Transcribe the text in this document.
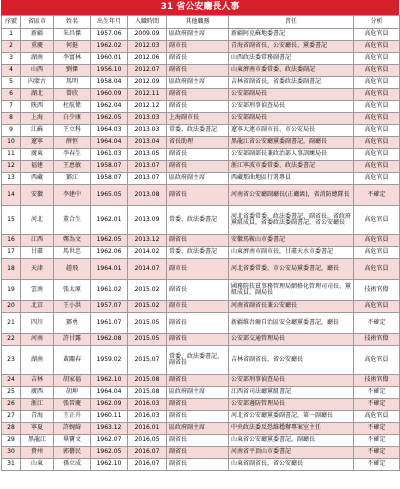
31 省公安廳長人事
序號	省區市	姓名	出生年月	入職時間	其他職務	昔任	分析
1	新疆	朱昌傑	1957.06	2009.09	區政府副主席	新疆阿克蘇地委書記	高危官員
2	重慶	何挺	1962.02	2012.03	副市長	青海省副省長、公安廳長、黨委書記	高危官員
3	湖南	李富林	1960.01	2012.06	副省長	山西政法委常務副書記	高危官員
4	山西	劉傑	1956.10	2012.07	副省長	山東濟南市委常委、政法委副記	高危官員
5	內蒙古	馬明	1958.04	2012.09	區政府副主席	吉林省副省長，省委政法委副書記	高危官員
6	湖北	曾欣	1960.09	2012.11	副省長	公安部副局長	高危官員
7	陝西	杜航偉	1962.04	2012.12	副省長	公安部刑事偵查局長	高危官員
8	上海	白少康	1962.05	2013.03	上海副市長	公安部副局長	高危官員
9	江蘇	王立科	1964.03	2013.03	常委、政法委書記	遼寧大連市副市長、市公安局長	高危官員
10	遼寧	薛恒	1964.04	2013.04	省長助理	黑龍江省公安廳黨委副書記，副廳長	高危官員
11	廣東	李春生	1961.03	2013.05	副省長	公安部副部長兼政治部人事訓練局長	高危官員
12	福建	王恵敏	1958.07	2013.07	副省長	浙江寧波市委常委、政法委書記	高危官員
13	西藏	鄧江	1958.07	2013.07	區政府副主席	西藏那曲地區行署專員	高危官員
14	安徽	李建中	1965.05	2013.08	副省長	河南省公安廳副廳長(正廳級)，省消防總隊長	不確定
15	河北	董合生	1962.01	2013.09	常委、政法委書記	河北省委常委，政法委書記、副省長，省政府黨組成員，省委政法委副書記，省公安廳長	高危官員
16	江西	鄭為文	1962.05	2013.12	副省長	安徽馬鞍山市委書記	高危官員
17	甘肅	馬世忠	1962.06	2014.02	常委、政法委書記	山東濟南市副市長，甘肅天水市委書記	高危官員
18	天津	趙飛	1964.01	2014.07	副市長	河北省委常委，市公安局黨委書記，廳長	高危官員
19	雲南	張太原	1961.02	2015.02	副省長	國務院扶貧事務管理局網格化管理司司長、黨組成員、副局長	技術官僚
20	北京	王小洪	1957.07	2015.02	副市長	河南省副省長兼公安廳長	高危官員
21	四川	鄧勇	1961.07	2015.05	副省長	新疆維吾爾自治區安全廳黨委書記，廳長	不確定
22	河南	許甘露	1962.08	2015.05	副省長	公安部交通管理局長	技術官僚
23	湖南	黃關春	1959.02	2015.07	常委、政法委書記、副省長	吉林省副省長，省公安廳長	高危官員
24	吉林	胡家福	1962.10	2015.08	副省長	公安部刑事偵查局長	技術官僚
25	廣西	胡坤	1964.04	2015.08	區政府副主席	江西省司法廳黨組書記	不確定
26	浙江	張晉慶	1962.09	2016.03	副省長	公安部邊防管理局長	不確定
27	青海	王正升	1960.11	2016.03	副省長	河北省公安廳黨委副書記，第一副廳長	高危官員
28	寧夏	許婉綺	1963.12	2016.01	區政府副主席	中央政法委反恐維穩辦專案室主任	不確定
29	黑龍江	畢寶文	1962.07	2016.05	副省長	山東省公安廳黨委書記，副廳長	不確定
30	貴州	郭藝民	1962.05	2016.07	副省長	河南省平頂山市委書記	不確定
31	山東	孫立成	1962.10	2016.07	副省長	山東省副省長，省公安廳長	不確定
